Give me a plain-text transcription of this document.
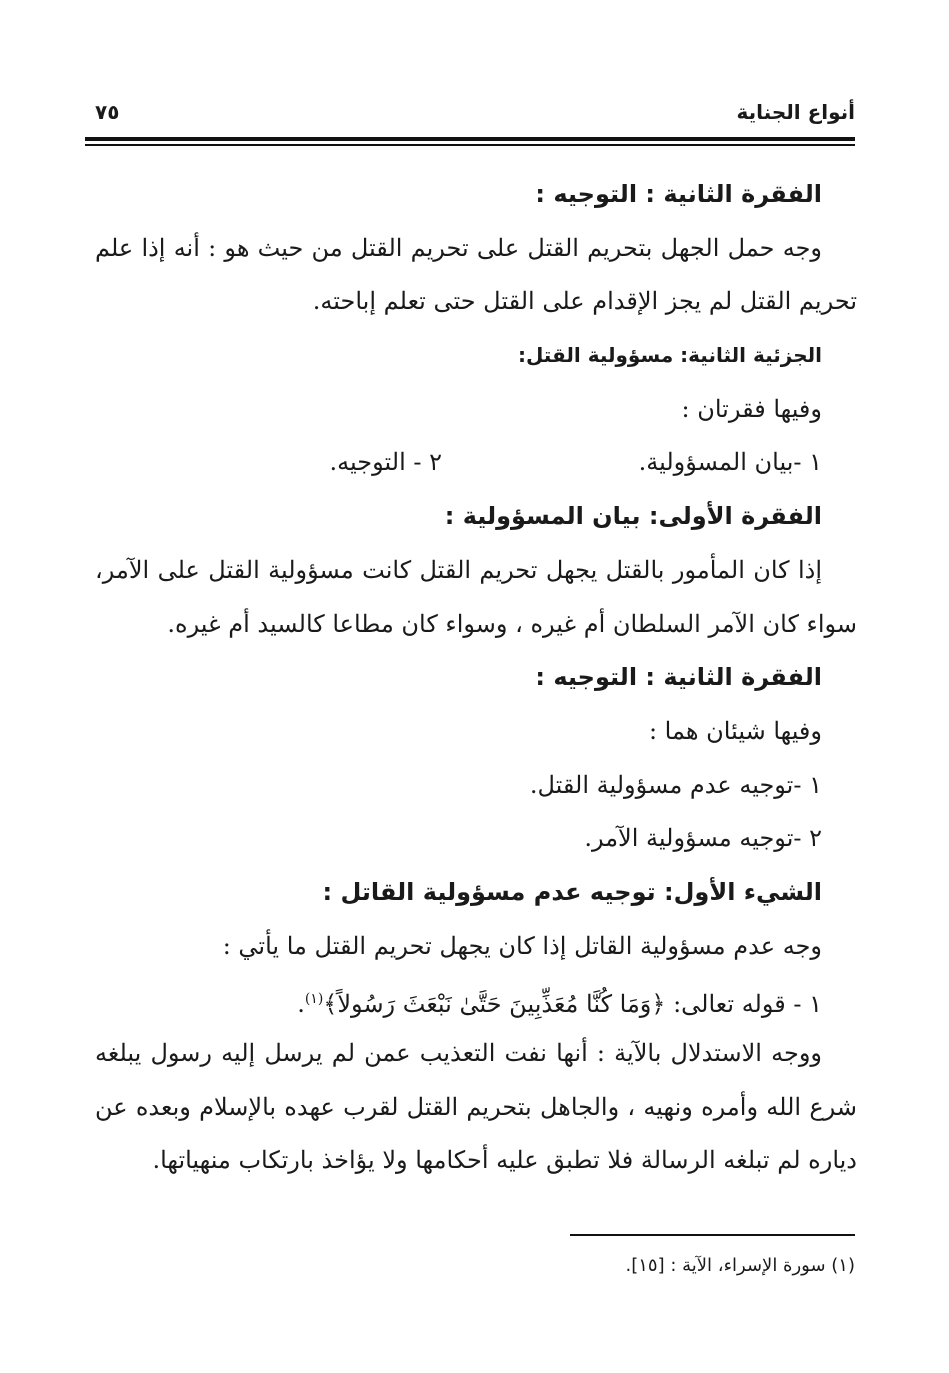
أنواع الجناية
٧٥
الفقرة الثانية : التوجيه :
وجه حمل الجهل بتحريم القتل على تحريم القتل من حيث هو : أنه إذا علم
تحريم القتل لم يجز الإقدام على القتل حتى تعلم إباحته.
الجزئية الثانية: مسؤولية القتل:
وفيها فقرتان :
١ -بيان المسؤولية.
٢ - التوجيه.
الفقرة الأولى: بيان المسؤولية :
إذا كان المأمور بالقتل يجهل تحريم القتل كانت مسؤولية القتل على الآمر،
سواء كان الآمر السلطان أم غيره ، وسواء كان مطاعا كالسيد أم غيره.
الفقرة الثانية : التوجيه :
وفيها شيئان هما :
١ -توجيه عدم مسؤولية القتل.
٢ -توجيه مسؤولية الآمر.
الشيء الأول: توجيه عدم مسؤولية القاتل :
وجه عدم مسؤولية القاتل إذا كان يجهل تحريم القتل ما يأتي :
١ - قوله تعالى: ﴿وَمَا كُنَّا مُعَذِّبِينَ حَتَّىٰ نَبْعَثَ رَسُولاً﴾$^{(١)}$.
ووجه الاستدلال بالآية : أنها نفت التعذيب عمن لم يرسل إليه رسول يبلغه
شرع الله وأمره ونهيه ، والجاهل بتحريم القتل لقرب عهده بالإسلام وبعده عن
دياره لم تبلغه الرسالة فلا تطبق عليه أحكامها ولا يؤاخذ بارتكاب منهياتها.
(١) سورة الإسراء، الآية : [١٥].
